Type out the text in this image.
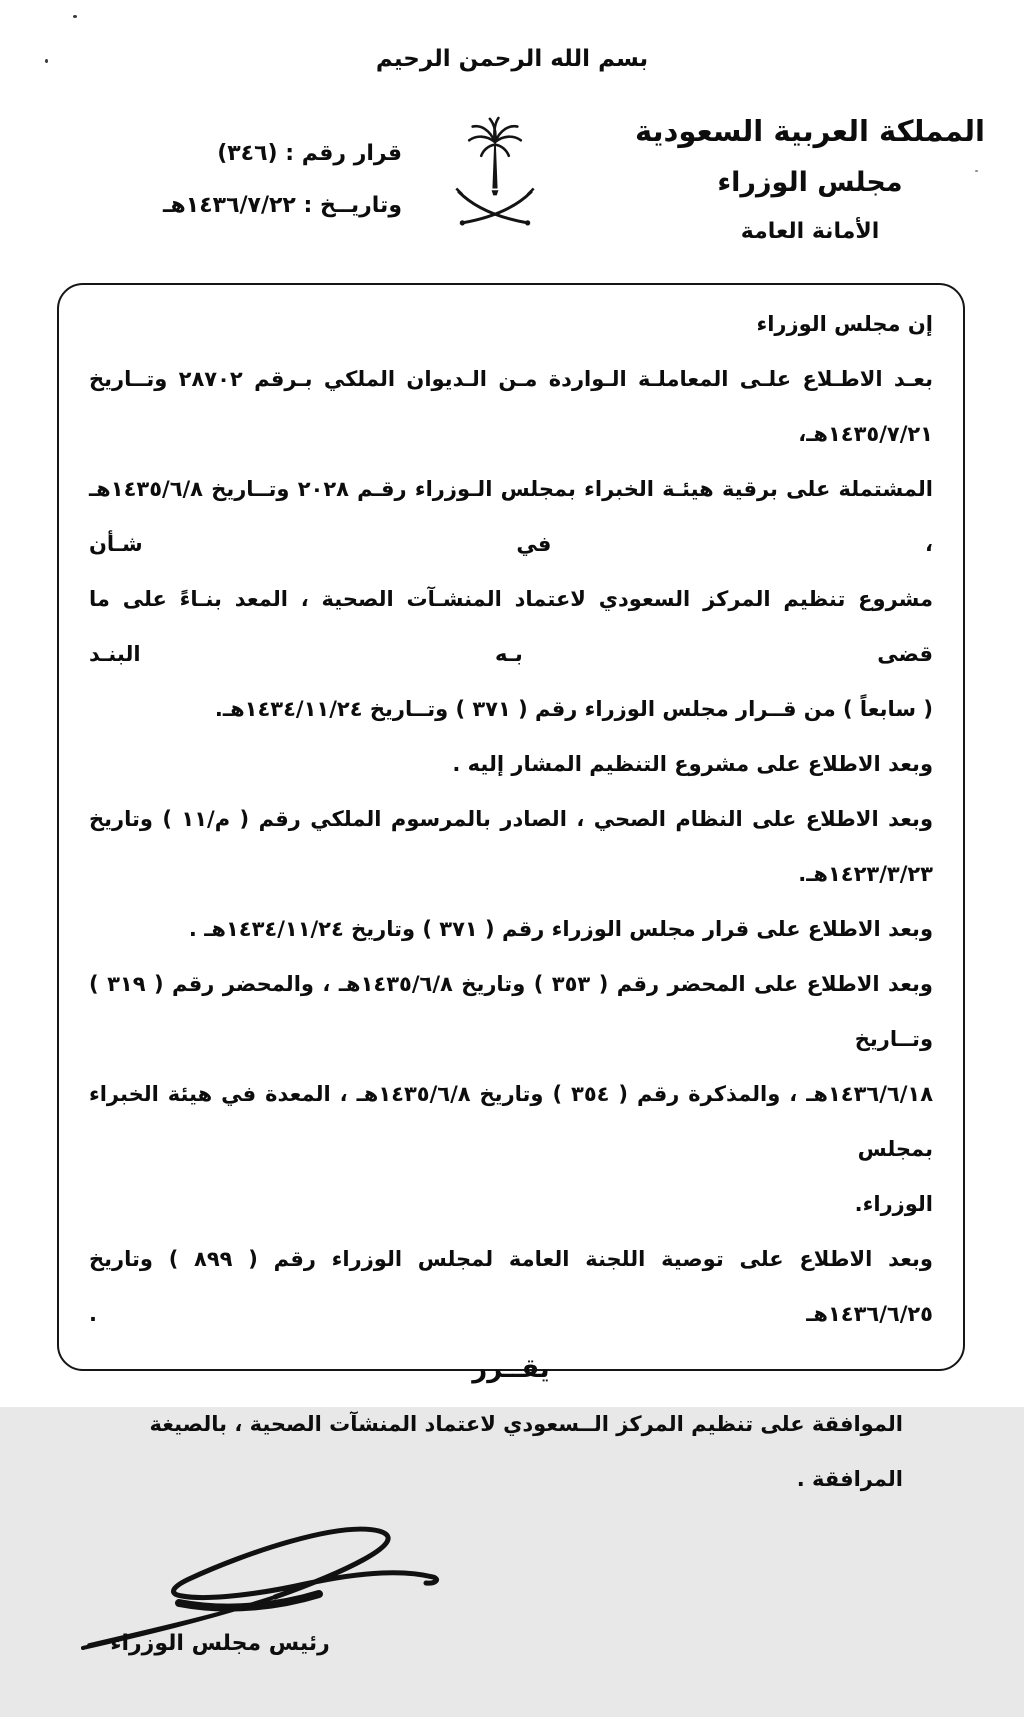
بسم الله الرحمن الرحيم
قرار رقم : (٣٤٦)
وتاريــخ : ١٤٣٦/٧/٢٢هـ
المملكة العربية السعودية
مجلس الوزراء
الأمانة العامة

إن مجلس الوزراء

بعـد الاطـلاع علـى المعاملـة الـواردة مـن الـديوان الملكي بـرقم ٢٨٧٠٢ وتــاريخ ١٤٣٥/٧/٢١هـ،

المشتملة على برقية هيئـة الخبراء بمجلس الـوزراء رقـم ٢٠٢٨ وتــاريخ ١٤٣٥/٦/٨هـ ، في شـأن

مشروع تنظيم المركز السعودي لاعتماد المنشـآت الصحية ، المعد بنـاءً على ما قضى بـه البنـد

( سابعاً ) من قــرار مجلس الوزراء رقم ( ٣٧١ ) وتــاريخ ١٤٣٤/١١/٢٤هـ.

وبعد الاطلاع على مشروع التنظيم المشار إليه .

وبعد الاطلاع على النظام الصحي ، الصادر بالمرسوم الملكي رقم ( م/١١ ) وتاريخ ١٤٢٣/٣/٢٣هـ.

وبعد الاطلاع على قرار مجلس الوزراء رقم ( ٣٧١ ) وتاريخ ١٤٣٤/١١/٢٤هـ .

وبعد الاطلاع على المحضر رقم ( ٣٥٣ ) وتاريخ ١٤٣٥/٦/٨هـ ، والمحضر رقم ( ٣١٩ ) وتــاريخ

١٤٣٦/٦/١٨هـ ، والمذكرة رقم ( ٣٥٤ ) وتاريخ ١٤٣٥/٦/٨هـ ، المعدة في هيئة الخبراء بمجلس

الوزراء.

وبعد الاطلاع على توصية اللجنة العامة لمجلس الوزراء رقم ( ٨٩٩ ) وتاريخ ١٤٣٦/٦/٢٥هـ .

يقــرر

الموافقة على تنظيم المركز الــسعودي لاعتماد المنشآت الصحية ، بالصيغة المرافقة .

رئيس مجلس الوزراء
